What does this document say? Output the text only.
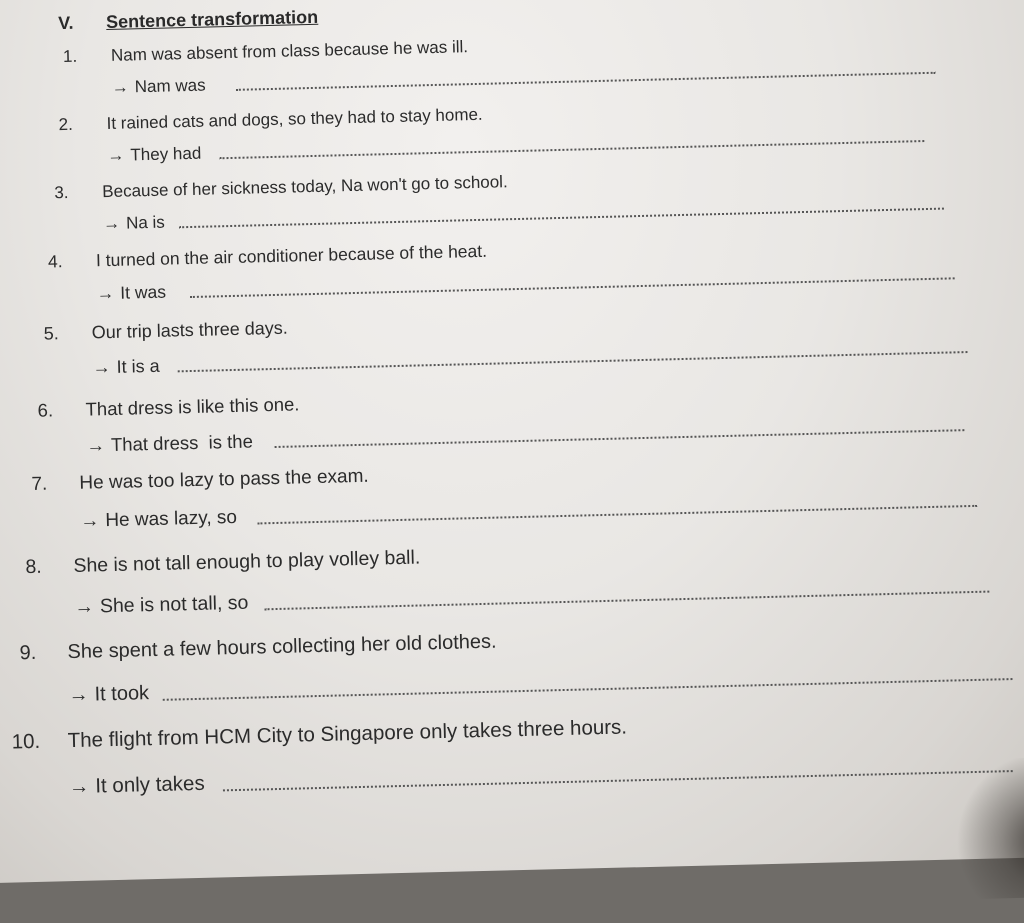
V. Sentence transformation
1. Nam was absent from class because he was ill.
→ Nam was
2. It rained cats and dogs, so they had to stay home.
→ They had
3. Because of her sickness today, Na won't go to school.
→ Na is
4. I turned on the air conditioner because of the heat.
→ It was
5. Our trip lasts three days.
→ It is a
6. That dress is like this one.
→ That dress  is the
7. He was too lazy to pass the exam.
→ He was lazy, so
8. She is not tall enough to play volley ball.
→ She is not tall, so
9. She spent a few hours collecting her old clothes.
→ It took
10. The flight from HCM City to Singapore only takes three hours.
→ It only takes
